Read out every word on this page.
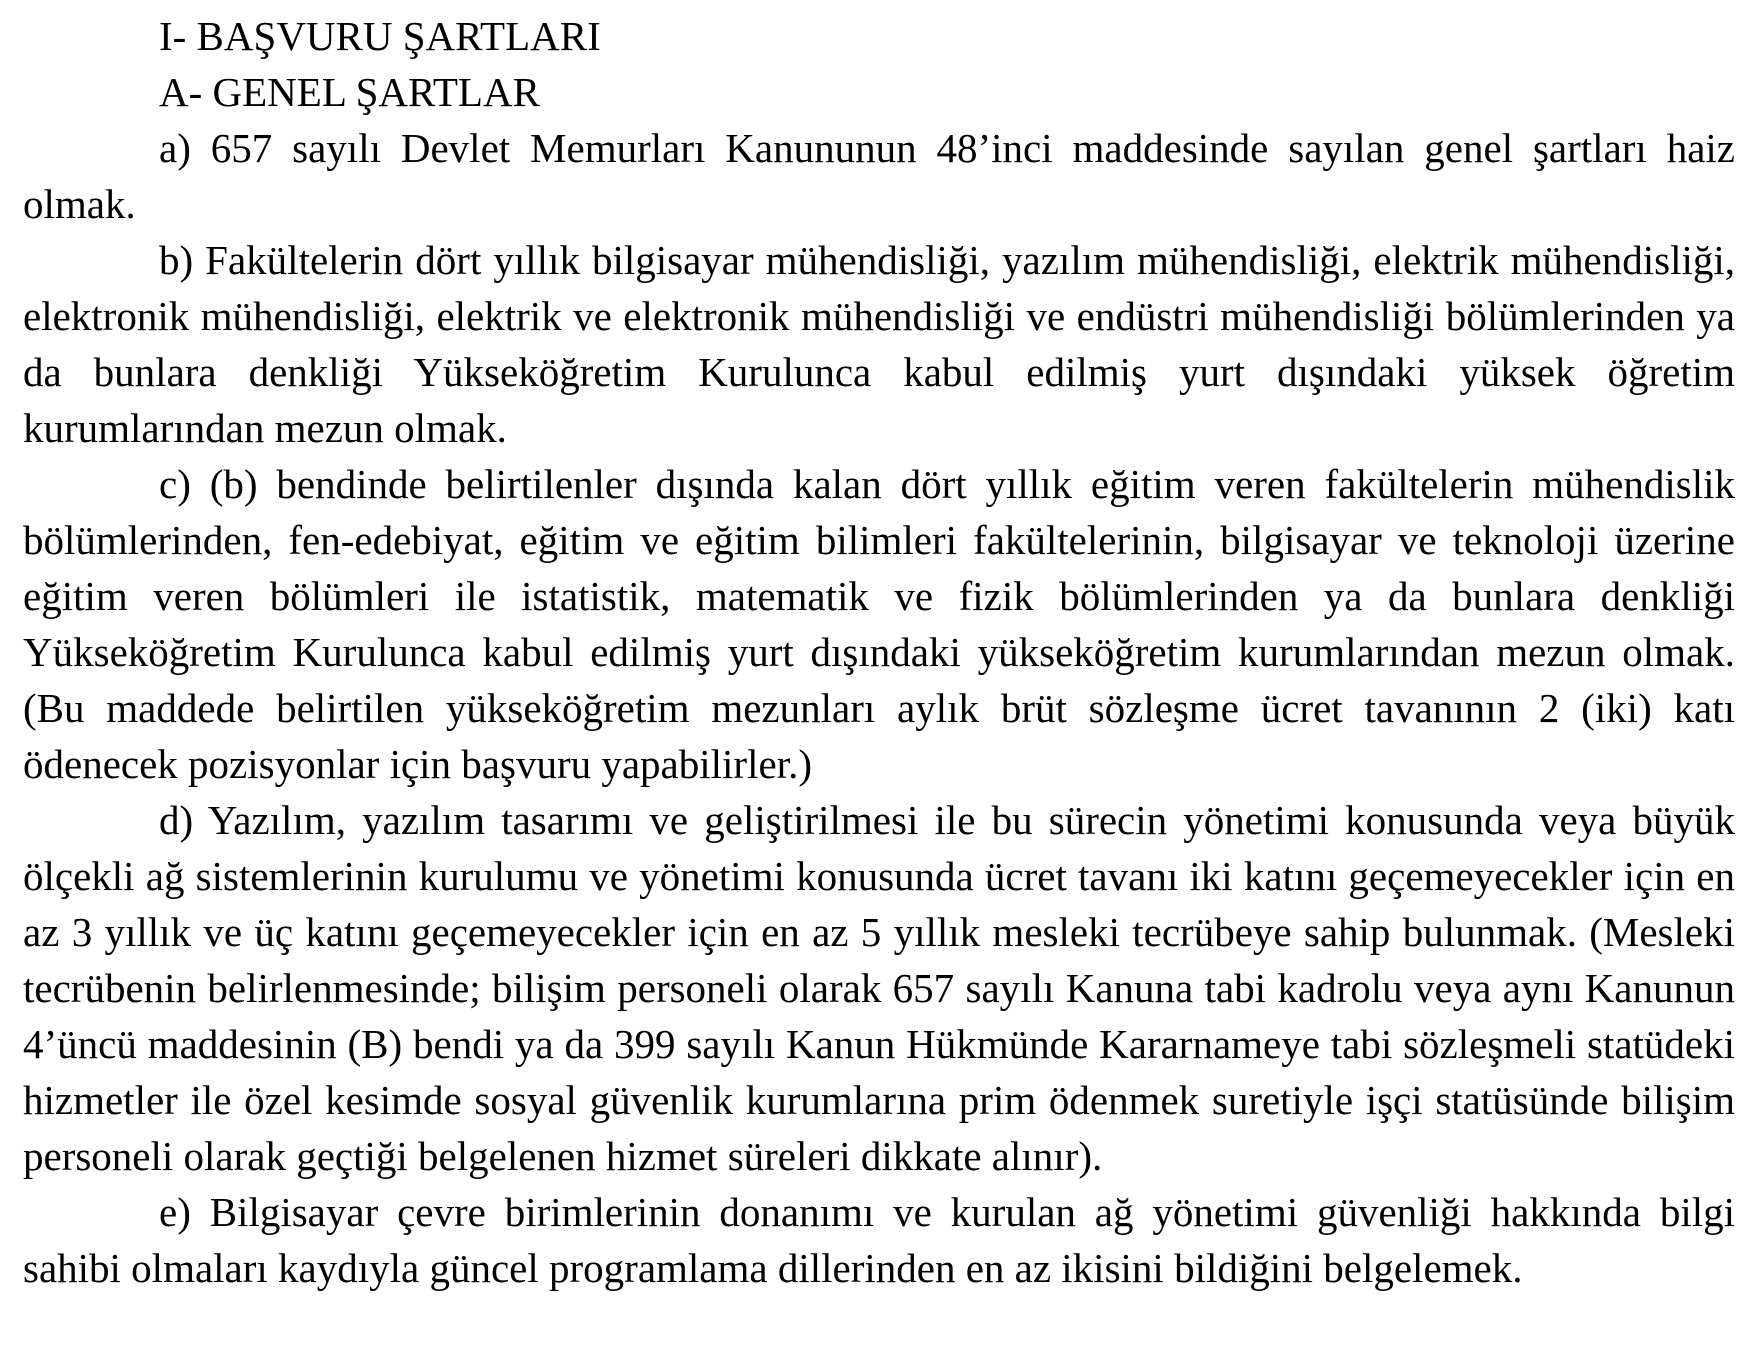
I- BAŞVURU ŞARTLARI
A- GENEL ŞARTLAR

a) 657 sayılı Devlet Memurları Kanununun 48’inci maddesinde sayılan genel şartları haiz olmak.

b) Fakültelerin dört yıllık bilgisayar mühendisliği, yazılım mühendisliği, elektrik mühendisliği, elektronik mühendisliği, elektrik ve elektronik mühendisliği ve endüstri mühendisliği bölümlerinden ya da bunlara denkliği Yükseköğretim Kurulunca kabul edilmiş yurt dışındaki yüksek öğretim kurumlarından mezun olmak.

c) (b) bendinde belirtilenler dışında kalan dört yıllık eğitim veren fakültelerin mühendislik bölümlerinden, fen-edebiyat, eğitim ve eğitim bilimleri fakültelerinin, bilgisayar ve teknoloji üzerine eğitim veren bölümleri ile istatistik, matematik ve fizik bölümlerinden ya da bunlara denkliği Yükseköğretim Kurulunca kabul edilmiş yurt dışındaki yükseköğretim kurumlarından mezun olmak. (Bu maddede belirtilen yükseköğretim mezunları aylık brüt sözleşme ücret tavanının 2 (iki) katı ödenecek pozisyonlar için başvuru yapabilirler.)

d) Yazılım, yazılım tasarımı ve geliştirilmesi ile bu sürecin yönetimi konusunda veya büyük ölçekli ağ sistemlerinin kurulumu ve yönetimi konusunda ücret tavanı iki katını geçemeyecekler için en az 3 yıllık ve üç katını geçemeyecekler için en az 5 yıllık mesleki tecrübeye sahip bulunmak. (Mesleki tecrübenin belirlenmesinde; bilişim personeli olarak 657 sayılı Kanuna tabi kadrolu veya aynı Kanunun 4’üncü maddesinin (B) bendi ya da 399 sayılı Kanun Hükmünde Kararnameye tabi sözleşmeli statüdeki hizmetler ile özel kesimde sosyal güvenlik kurumlarına prim ödenmek suretiyle işçi statüsünde bilişim personeli olarak geçtiği belgelenen hizmet süreleri dikkate alınır).

e) Bilgisayar çevre birimlerinin donanımı ve kurulan ağ yönetimi güvenliği hakkında bilgi sahibi olmaları kaydıyla güncel programlama dillerinden en az ikisini bildiğini belgelemek.
